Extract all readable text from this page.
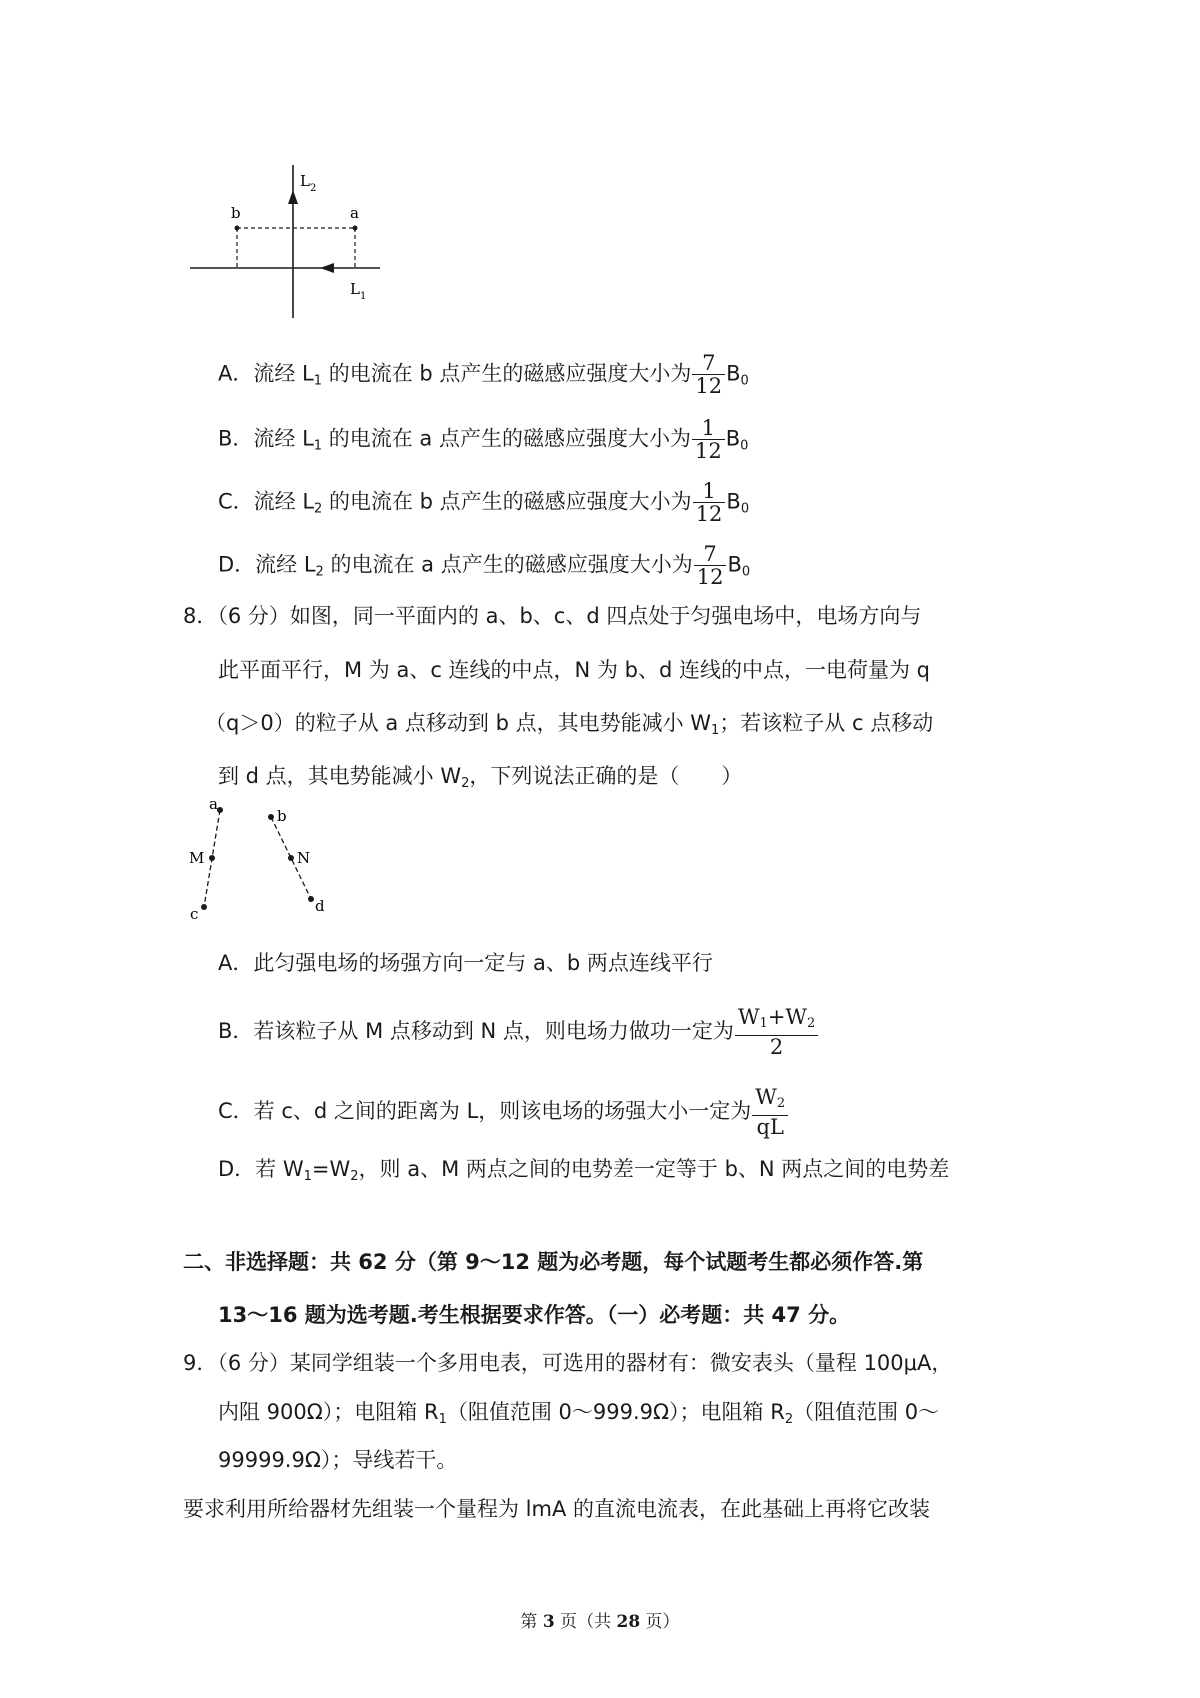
b	a
L 2
L 1
A．流经 $L_1$ 的电流在 b 点产生的磁感应强度大小为 $\frac{7}{12} B_0$
B．流经 $L_1$ 的电流在 a 点产生的磁感应强度大小为 $\frac{1}{12} B_0$
C．流经 $L_2$ 的电流在 b 点产生的磁感应强度大小为 $\frac{1}{12} B_0$
D．流经 $L_2$ 的电流在 a 点产生的磁感应强度大小为 $\frac{7}{12} B_0$
8．（6 分）如图，同一平面内的 a、b、c、d 四点处于匀强电场中，电场方向与
此平面平行，M 为 a、c 连线的中点，N 为 b、d 连线的中点，一电荷量为 q
（q＞0）的粒子从 a 点移动到 b 点，其电势能减小 $W_1$；若该粒子从 c 点移动
到 d 点，其电势能减小 $W_2$，下列说法正确的是（　　）
a
b
M	N
c	d
A．此匀强电场的场强方向一定与 a、b 两点连线平行
B．若该粒子从 M 点移动到 N 点，则电场力做功一定为 $\frac{W1+W2}{2}$
C．若 c、d 之间的距离为 L，则该电场的场强大小一定为 $\frac{W2}{qL}$
D．若 $W_1=W_2$，则 a、M 两点之间的电势差一定等于 b、N 两点之间的电势差
二、非选择题：共 62 分（第 9～12 题为必考题，每个试题考生都必须作答.第
13～16 题为选考题.考生根据要求作答。（一）必考题：共 47 分。
9．（6 分）某同学组装一个多用电表，可选用的器材有：微安表头（量程 100μA，
内阻 900Ω）；电阻箱 $R_1$（阻值范围 0～999.9Ω）；电阻箱 $R_2$（阻值范围 0～
99999.9Ω）；导线若干。
要求利用所给器材先组装一个量程为 lmA 的直流电流表，在此基础上再将它改装
第 3 页（共 28 页）
